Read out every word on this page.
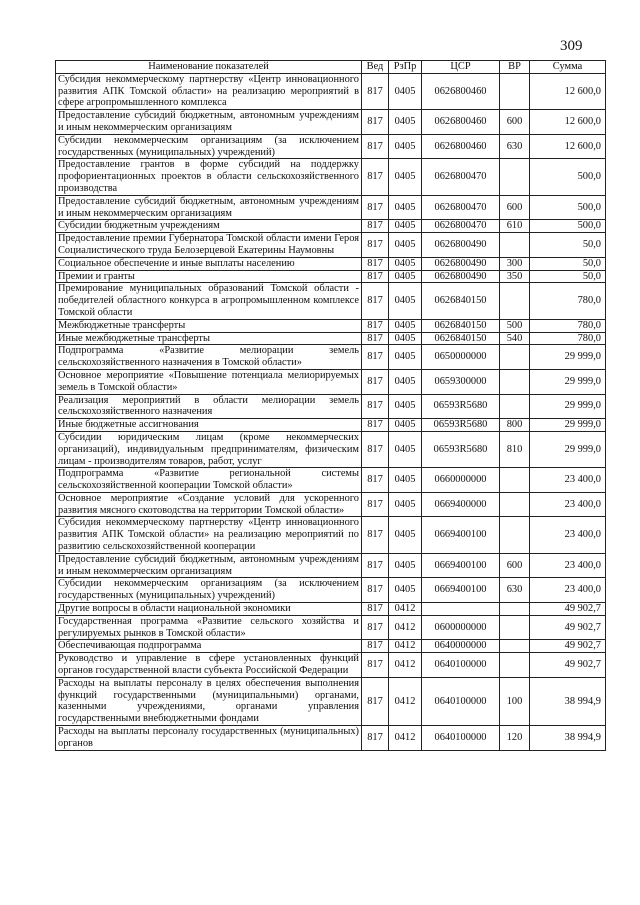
309
Наименование показателей	Вед	РзПр	ЦСР	ВР	Сумма
Субсидия некоммерческому партнерству «Центр инновационного развития АПК Томской области» на реализацию мероприятий в сфере агропромышленного комплекса	817	0405	0626800460		12 600,0
Предоставление субсидий бюджетным, автономным учреждениям и иным некоммерческим организациям	817	0405	0626800460	600	12 600,0
Субсидии некоммерческим организациям (за исключением государственных (муниципальных) учреждений)	817	0405	0626800460	630	12 600,0
Предоставление грантов в форме субсидий на поддержку профориентационных проектов в области сельскохозяйственного производства	817	0405	0626800470		500,0
Предоставление субсидий бюджетным, автономным учреждениям и иным некоммерческим организациям	817	0405	0626800470	600	500,0
Субсидии бюджетным учреждениям	817	0405	0626800470	610	500,0
Предоставление премии Губернатора Томской области имени Героя Социалистического труда Белозерцевой Екатерины Наумовны	817	0405	0626800490		50,0
Социальное обеспечение и иные выплаты населению	817	0405	0626800490	300	50,0
Премии и гранты	817	0405	0626800490	350	50,0
Премирование муниципальных образований Томской области - победителей областного конкурса в агропромышленном комплексе Томской области	817	0405	0626840150		780,0
Межбюджетные трансферты	817	0405	0626840150	500	780,0
Иные межбюджетные трансферты	817	0405	0626840150	540	780,0
Подпрограмма «Развитие мелиорации земель сельскохозяйственного назначения в Томской области»	817	0405	0650000000		29 999,0
Основное мероприятие «Повышение потенциала мелиорируемых земель в Томской области»	817	0405	0659300000		29 999,0
Реализация мероприятий в области мелиорации земель сельскохозяйственного назначения	817	0405	06593R5680		29 999,0
Иные бюджетные ассигнования	817	0405	06593R5680	800	29 999,0
Субсидии юридическим лицам (кроме некоммерческих организаций), индивидуальным предпринимателям, физическим лицам - производителям товаров, работ, услуг	817	0405	06593R5680	810	29 999,0
Подпрограмма «Развитие региональной системы сельскохозяйственной кооперации Томской области»	817	0405	0660000000		23 400,0
Основное мероприятие «Создание условий для ускоренного развития мясного скотоводства на территории Томской области»	817	0405	0669400000		23 400,0
Субсидия некоммерческому партнерству «Центр инновационного развития АПК Томской области» на реализацию мероприятий по развитию сельскохозяйственной кооперации	817	0405	0669400100		23 400,0
Предоставление субсидий бюджетным, автономным учреждениям и иным некоммерческим организациям	817	0405	0669400100	600	23 400,0
Субсидии некоммерческим организациям (за исключением государственных (муниципальных) учреждений)	817	0405	0669400100	630	23 400,0
Другие вопросы в области национальной экономики	817	0412			49 902,7
Государственная программа «Развитие сельского хозяйства и регулируемых рынков в Томской области»	817	0412	0600000000		49 902,7
Обеспечивающая подпрограмма	817	0412	0640000000		49 902,7
Руководство и управление в сфере установленных функций органов государственной власти субъекта Российской Федерации	817	0412	0640100000		49 902,7
Расходы на выплаты персоналу в целях обеспечения выполнения функций государственными (муниципальными) органами, казенными учреждениями, органами управления государственными внебюджетными фондами	817	0412	0640100000	100	38 994,9
Расходы на выплаты персоналу государственных (муниципальных) органов	817	0412	0640100000	120	38 994,9
